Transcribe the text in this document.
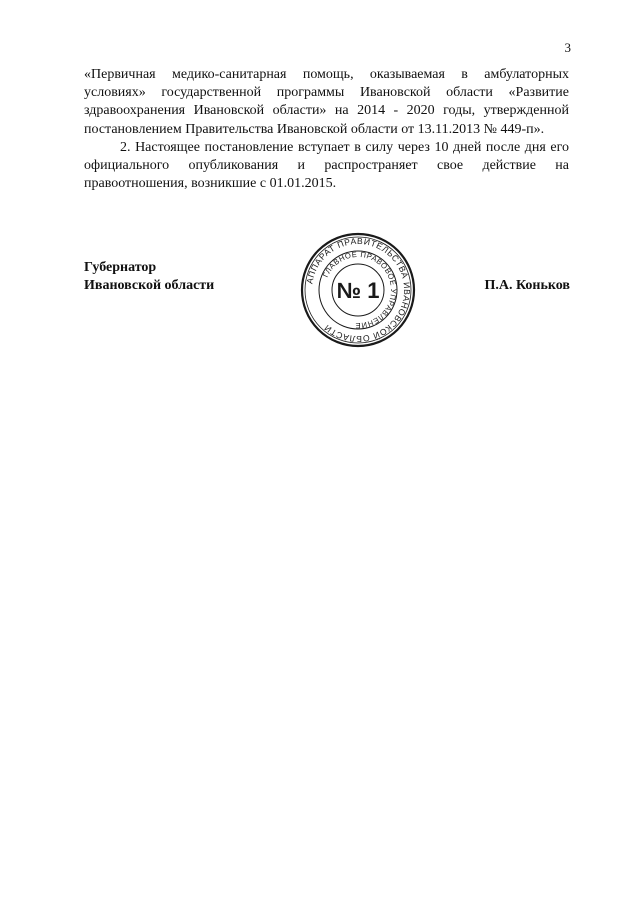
3

«Первичная медико-санитарная помощь, оказываемая в амбулаторных условиях» государственной программы Ивановской области «Развитие здравоохранения Ивановской области» на 2014 - 2020 годы, утвержденной постановлением Правительства Ивановской области от 13.11.2013 № 449-п».

2. Настоящее постановление вступает в силу через 10 дней после дня его официального опубликования и распространяет свое действие на правоотношения, возникшие с 01.01.2015.

Губернатор
Ивановской области	П.А. Коньков
АППАРАТ ПРАВИТЕЛЬСТВА ИВАНОВСКОЙ ОБЛАСТИ
ГЛАВНОЕ ПРАВОВОЕ УПРАВЛЕНИЕ
№ 1
